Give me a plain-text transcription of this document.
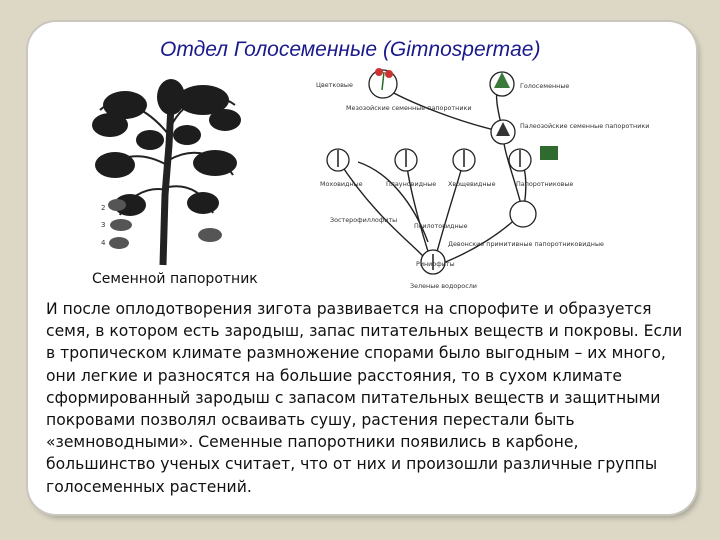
Отдел Голосеменные (Gimnospermae)
2
3
4
Семенной папоротник
Цветковые	Голосеменные
Мезозойские семенные папоротники
Палеозойские семенные папоротники
Моховидные	Плауновидные Хвощевидные	Папоротниковые
Зостерофиллофиты
Псилотовидные
Девонские примитивные папоротниковидные
Риниофиты
Зеленые водоросли

И после оплодотворения зигота развивается на спорофите и образуется семя, в котором есть зародыш, запас питательных веществ и покровы. Если в тропическом климате размножение спорами было выгодным – их много, они легкие и разносятся на большие расстояния, то в сухом климате сформированный зародыш с запасом питательных веществ и защитными покровами позволял осваивать сушу, растения перестали быть «земноводными». Семенные папоротники появились в карбоне, большинство ученых считает, что от них и произошли различные группы голосеменных растений.
